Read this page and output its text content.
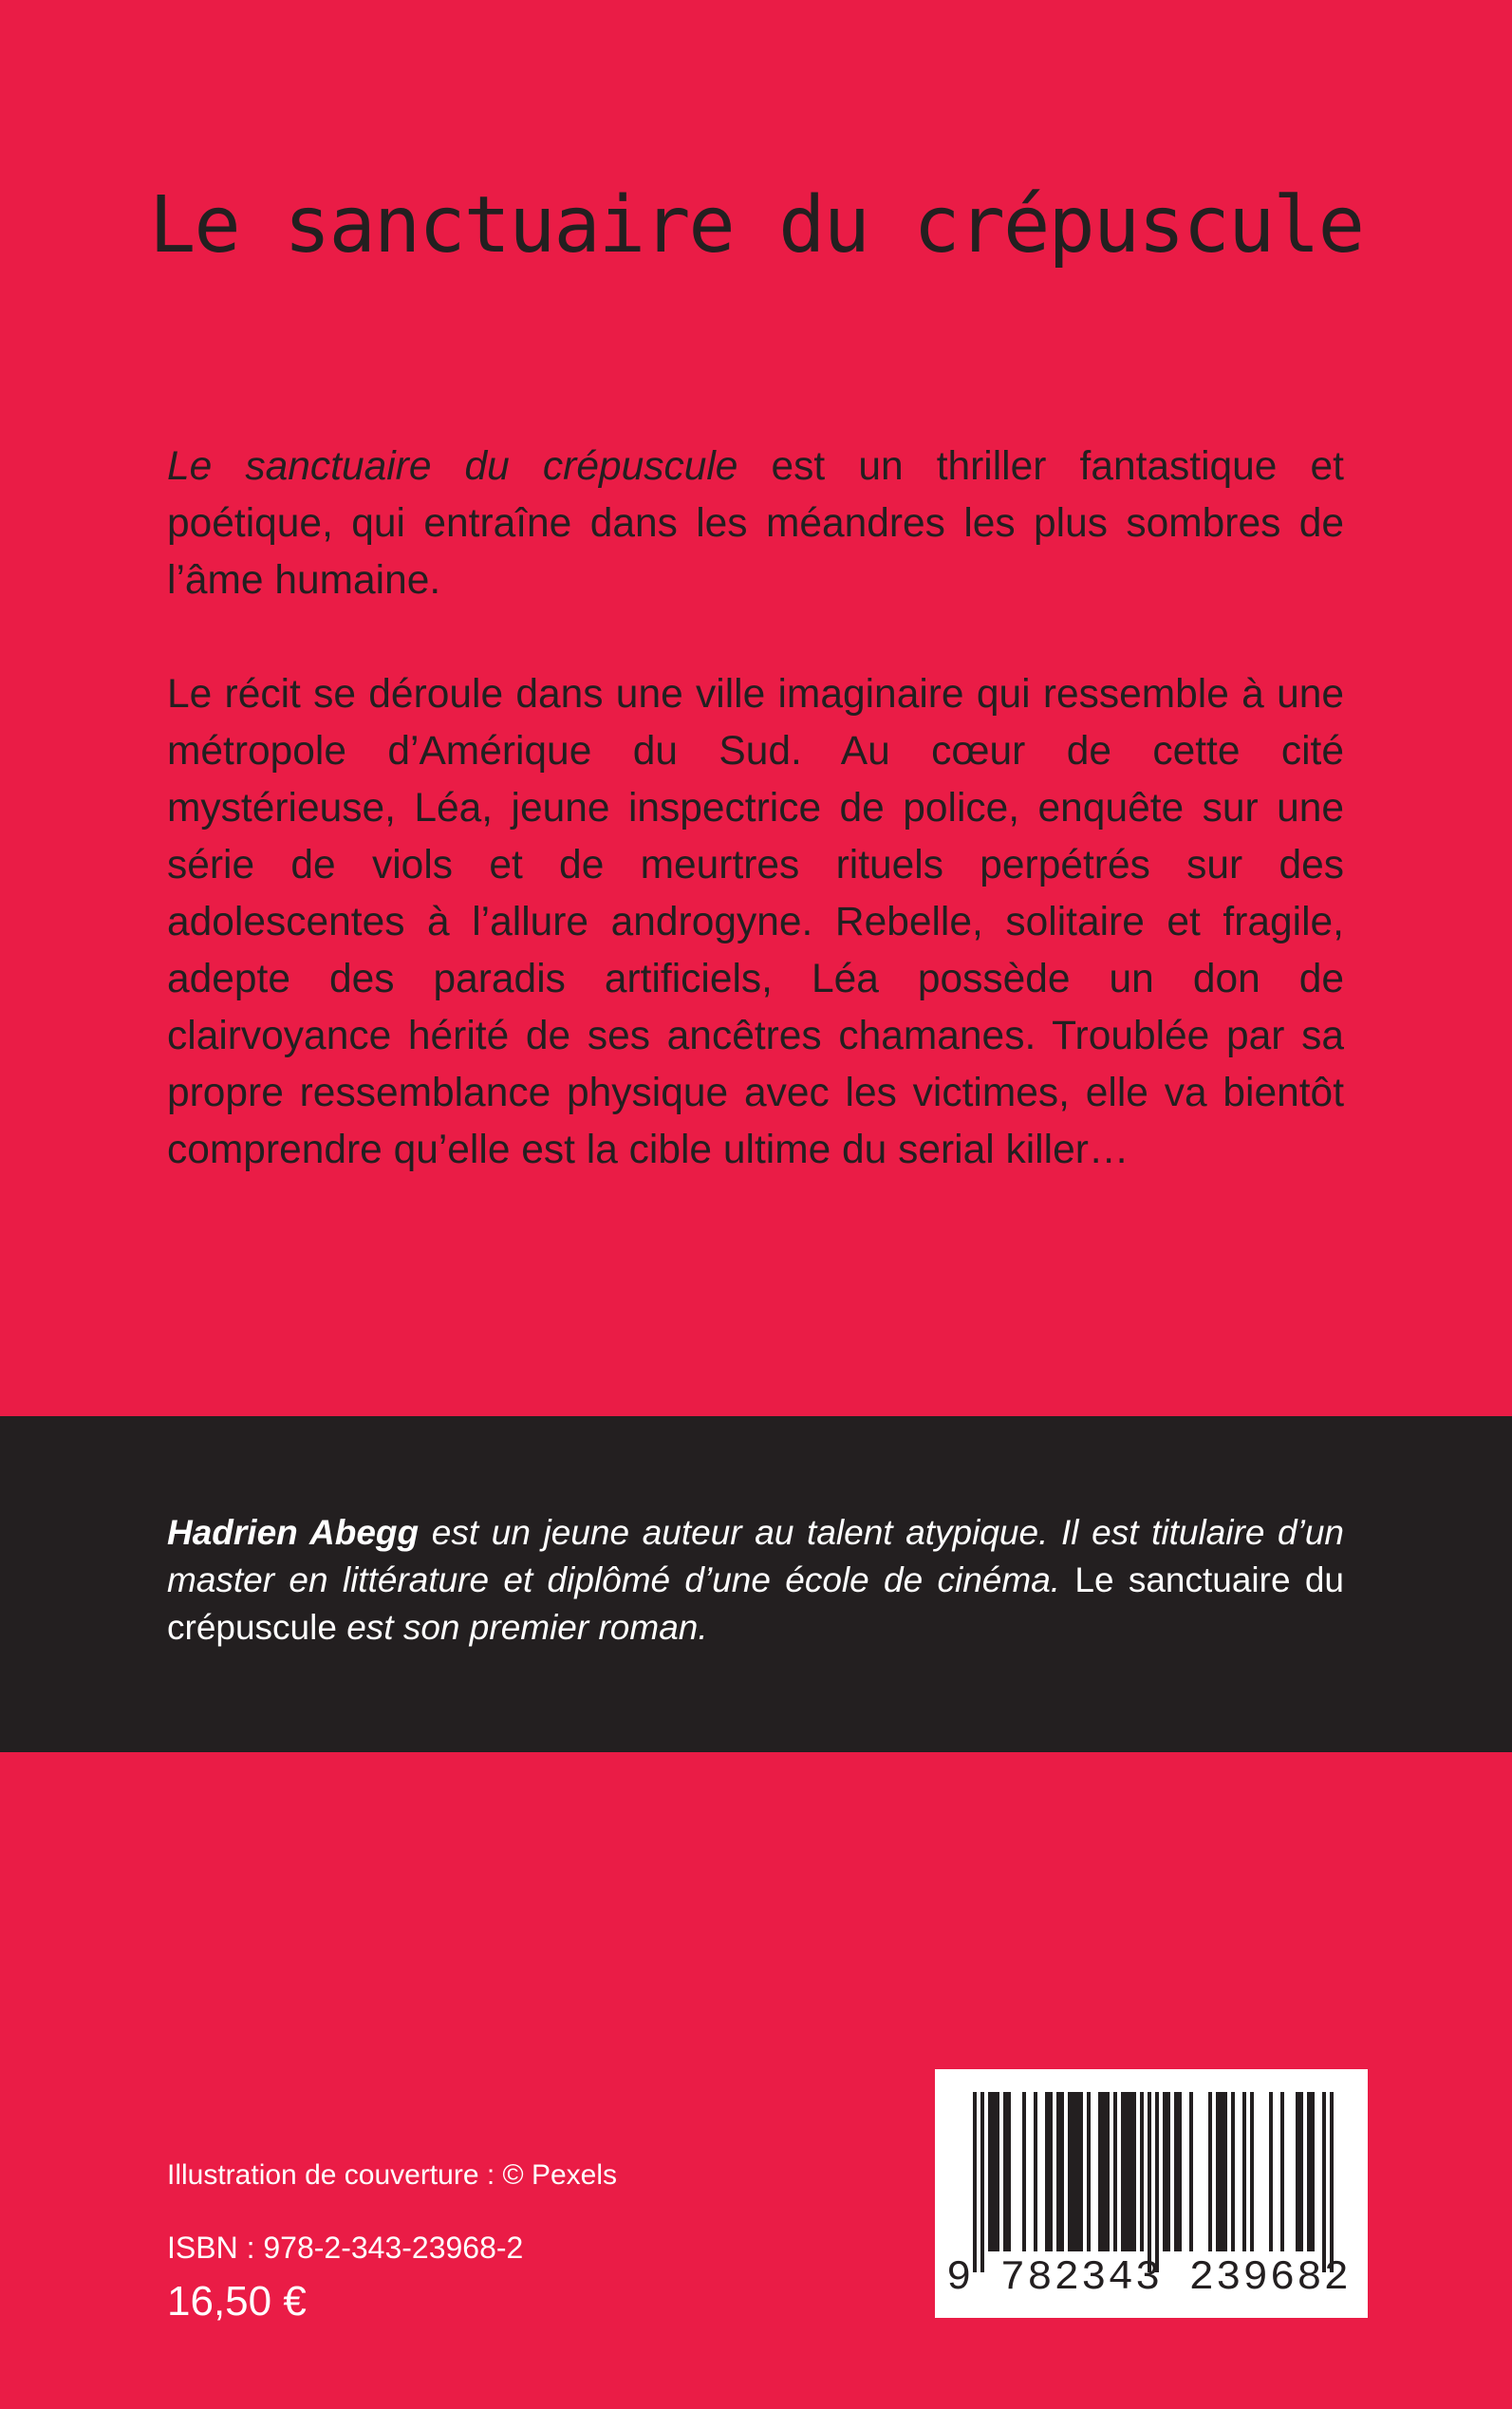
Le sanctuaire du crépuscule

Le sanctuaire du crépuscule est un thriller fantastique et poétique, qui entraîne dans les méandres les plus sombres de l’âme humaine.

Le récit se déroule dans une ville imaginaire qui ressemble à une métropole d’Amérique du Sud. Au cœur de cette cité mystérieuse, Léa, jeune inspectrice de police, enquête sur une série de viols et de meurtres rituels perpétrés sur des adolescentes à l’allure androgyne. Rebelle, solitaire et fragile, adepte des paradis artificiels, Léa possède un don de clairvoyance hérité de ses ancêtres chamanes. Troublée par sa propre ressemblance physique avec les victimes, elle va bientôt comprendre qu’elle est la cible ultime du serial killer…

Hadrien Abegg est un jeune auteur au talent atypique. Il est titulaire d’un master en littérature et diplômé d’une école de cinéma. Le sanctuaire du crépuscule est son premier roman.

Illustration de couverture : © Pexels
ISBN : 978-2-343-23968-2
16,50 €	9 782343 239682
